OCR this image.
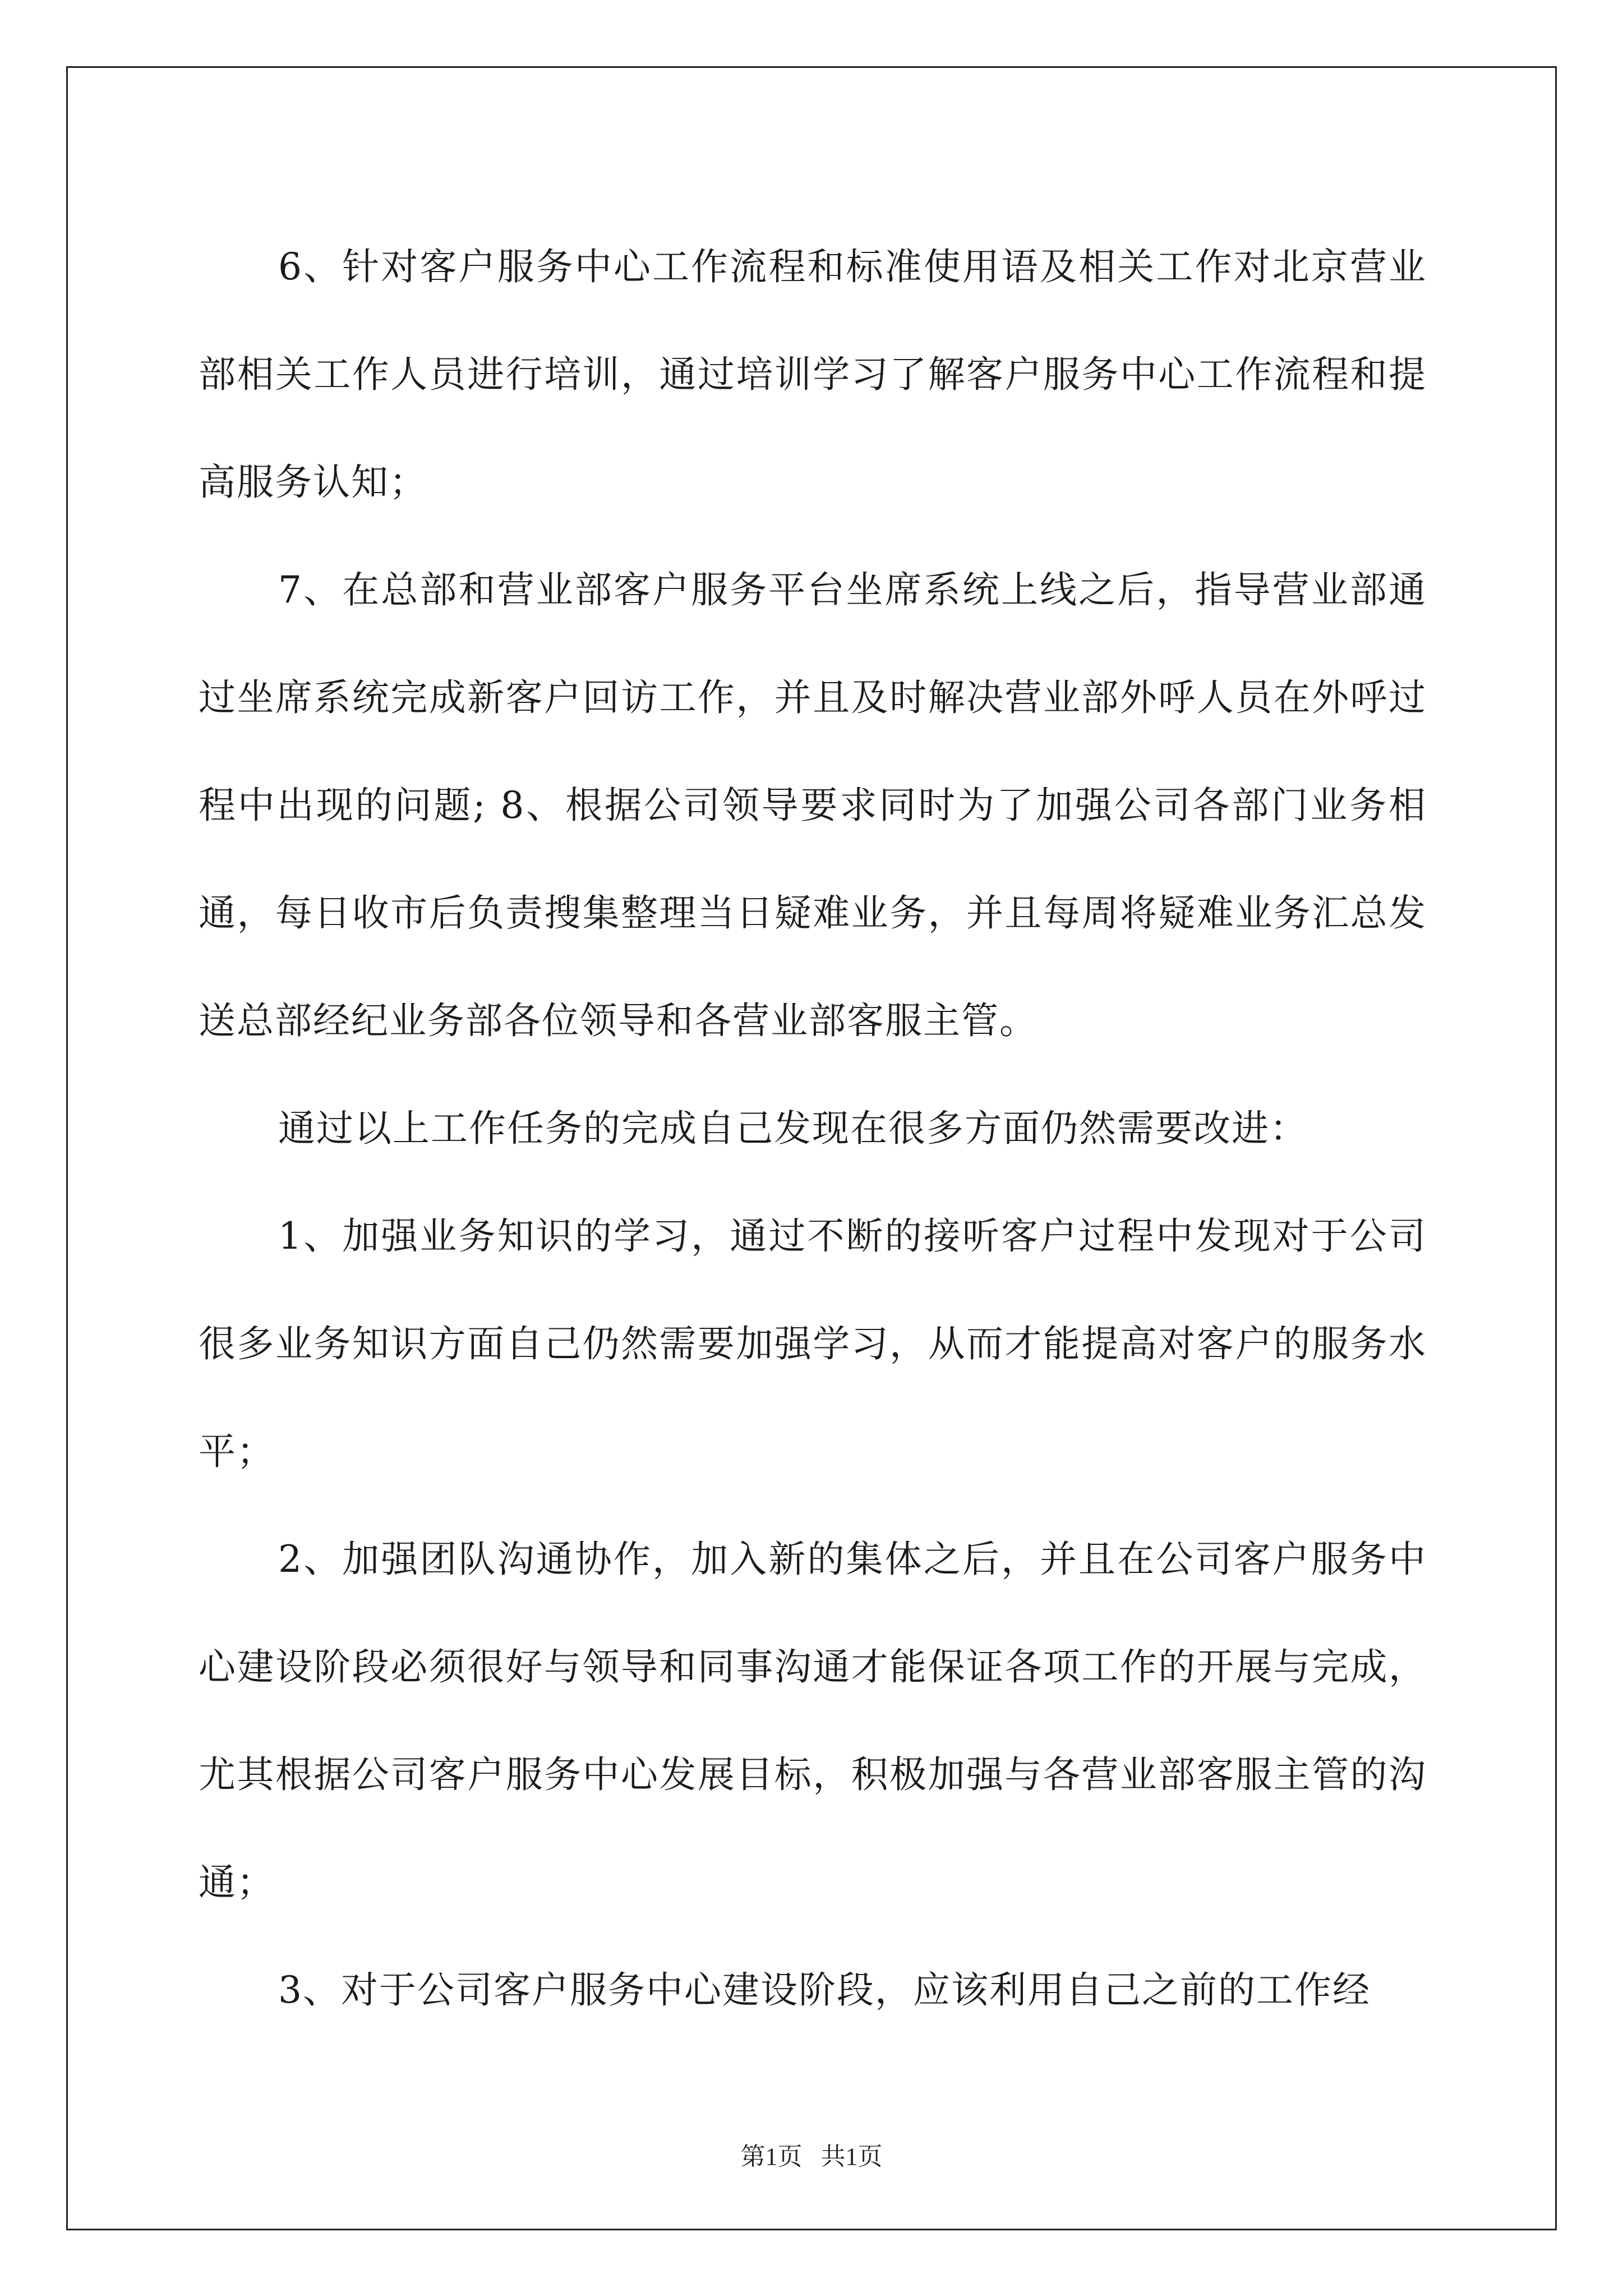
6、针对客户服务中心工作流程和标准使用语及相关工作对北京营业部相关工作人员进行培训，通过培训学习了解客户服务中心工作流程和提高服务认知；

7、在总部和营业部客户服务平台坐席系统上线之后，指导营业部通过坐席系统完成新客户回访工作，并且及时解决营业部外呼人员在外呼过程中出现的问题; 8、根据公司领导要求同时为了加强公司各部门业务相通，每日收市后负责搜集整理当日疑难业务，并且每周将疑难业务汇总发送总部经纪业务部各位领导和各营业部客服主管。

通过以上工作任务的完成自己发现在很多方面仍然需要改进：

1、加强业务知识的学习，通过不断的接听客户过程中发现对于公司很多业务知识方面自己仍然需要加强学习，从而才能提高对客户的服务水平；

2、加强团队沟通协作，加入新的集体之后，并且在公司客户服务中心建设阶段必须很好与领导和同事沟通才能保证各项工作的开展与完成，尤其根据公司客户服务中心发展目标，积极加强与各营业部客服主管的沟通；

3、对于公司客户服务中心建设阶段，应该利用自己之前的工作经

第1页   共1页
